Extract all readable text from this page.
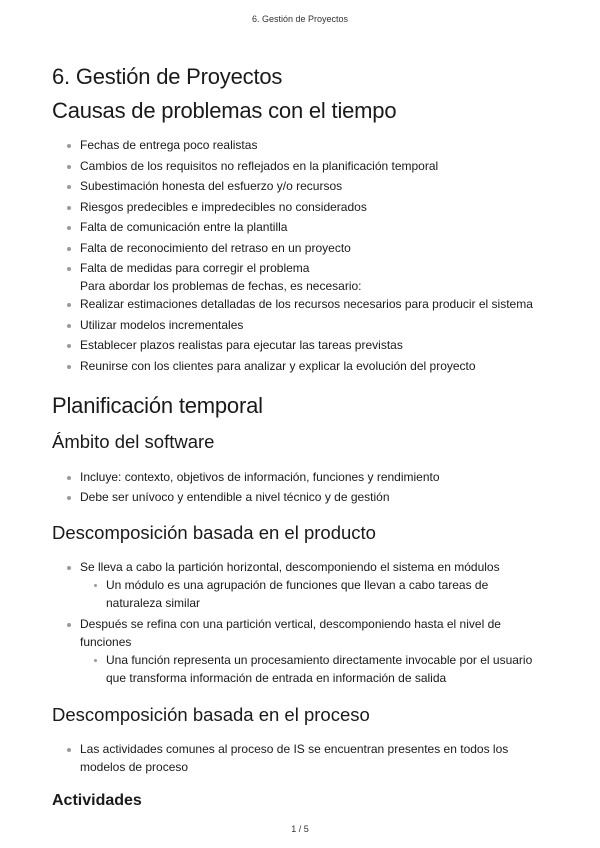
6. Gestión de Proyectos
6. Gestión de Proyectos
Causas de problemas con el tiempo
Fechas de entrega poco realistas
Cambios de los requisitos no reflejados en la planificación temporal
Subestimación honesta del esfuerzo y/o recursos
Riesgos predecibles e impredecibles no considerados
Falta de comunicación entre la plantilla
Falta de reconocimiento del retraso en un proyecto
Falta de medidas para corregir el problema
Para abordar los problemas de fechas, es necesario:
Realizar estimaciones detalladas de los recursos necesarios para producir el sistema
Utilizar modelos incrementales
Establecer plazos realistas para ejecutar las tareas previstas
Reunirse con los clientes para analizar y explicar la evolución del proyecto
Planificación temporal
Ámbito del software
Incluye: contexto, objetivos de información, funciones y rendimiento
Debe ser unívoco y entendible a nivel técnico y de gestión
Descomposición basada en el producto
Se lleva a cabo la partición horizontal, descomponiendo el sistema en módulos
Un módulo es una agrupación de funciones que llevan a cabo tareas de naturaleza similar
Después se refina con una partición vertical, descomponiendo hasta el nivel de funciones
Una función representa un procesamiento directamente invocable por el usuario que transforma información de entrada en información de salida
Descomposición basada en el proceso
Las actividades comunes al proceso de IS se encuentran presentes en todos los modelos de proceso
Actividades
1 / 5
